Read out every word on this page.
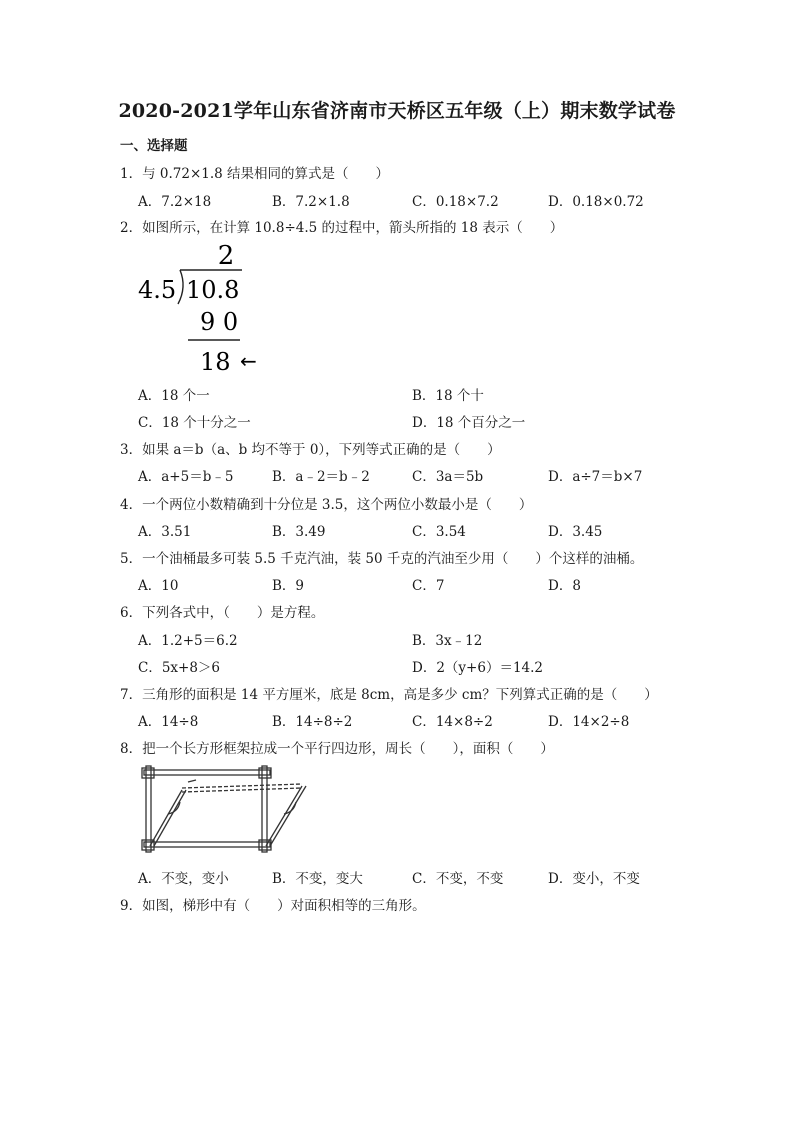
2020-2021学年山东省济南市天桥区五年级（上）期末数学试卷
一、选择题
1．与 0.72×1.8 结果相同的算式是（　　）
A．7.2×18	B．7.2×1.8	C．0.18×7.2	D．0.18×0.72
2．如图所示，在计算 10.8÷4.5 的过程中，箭头所指的 18 表示（　　）
2
4.5 10.8
9 0
18 ←
A．18 个一	B．18 个十
C．18 个十分之一	D．18 个百分之一
3．如果 a＝b（a、b 均不等于 0），下列等式正确的是（　　）
A．a+5＝b﹣5	B．a﹣2＝b﹣2	C．3a＝5b	D．a÷7＝b×7
4．一个两位小数精确到十分位是 3.5，这个两位小数最小是（　　）
A．3.51	B．3.49	C．3.54	D．3.45
5．一个油桶最多可装 5.5 千克汽油，装 50 千克的汽油至少用（　　）个这样的油桶。
A．10	B．9	C．7	D．8
6．下列各式中，（　　）是方程。
A．1.2+5＝6.2	B．3x﹣12
C．5x+8＞6	D．2（y+6）＝14.2
7．三角形的面积是 14 平方厘米，底是 8cm，高是多少 cm？下列算式正确的是（　　）
A．14÷8	B．14÷8÷2	C．14×8÷2	D．14×2÷8
8．把一个长方形框架拉成一个平行四边形，周长（　　），面积（　　）
A．不变，变小	B．不变，变大	C．不变，不变	D．变小，不变
9．如图，梯形中有（　　）对面积相等的三角形。
